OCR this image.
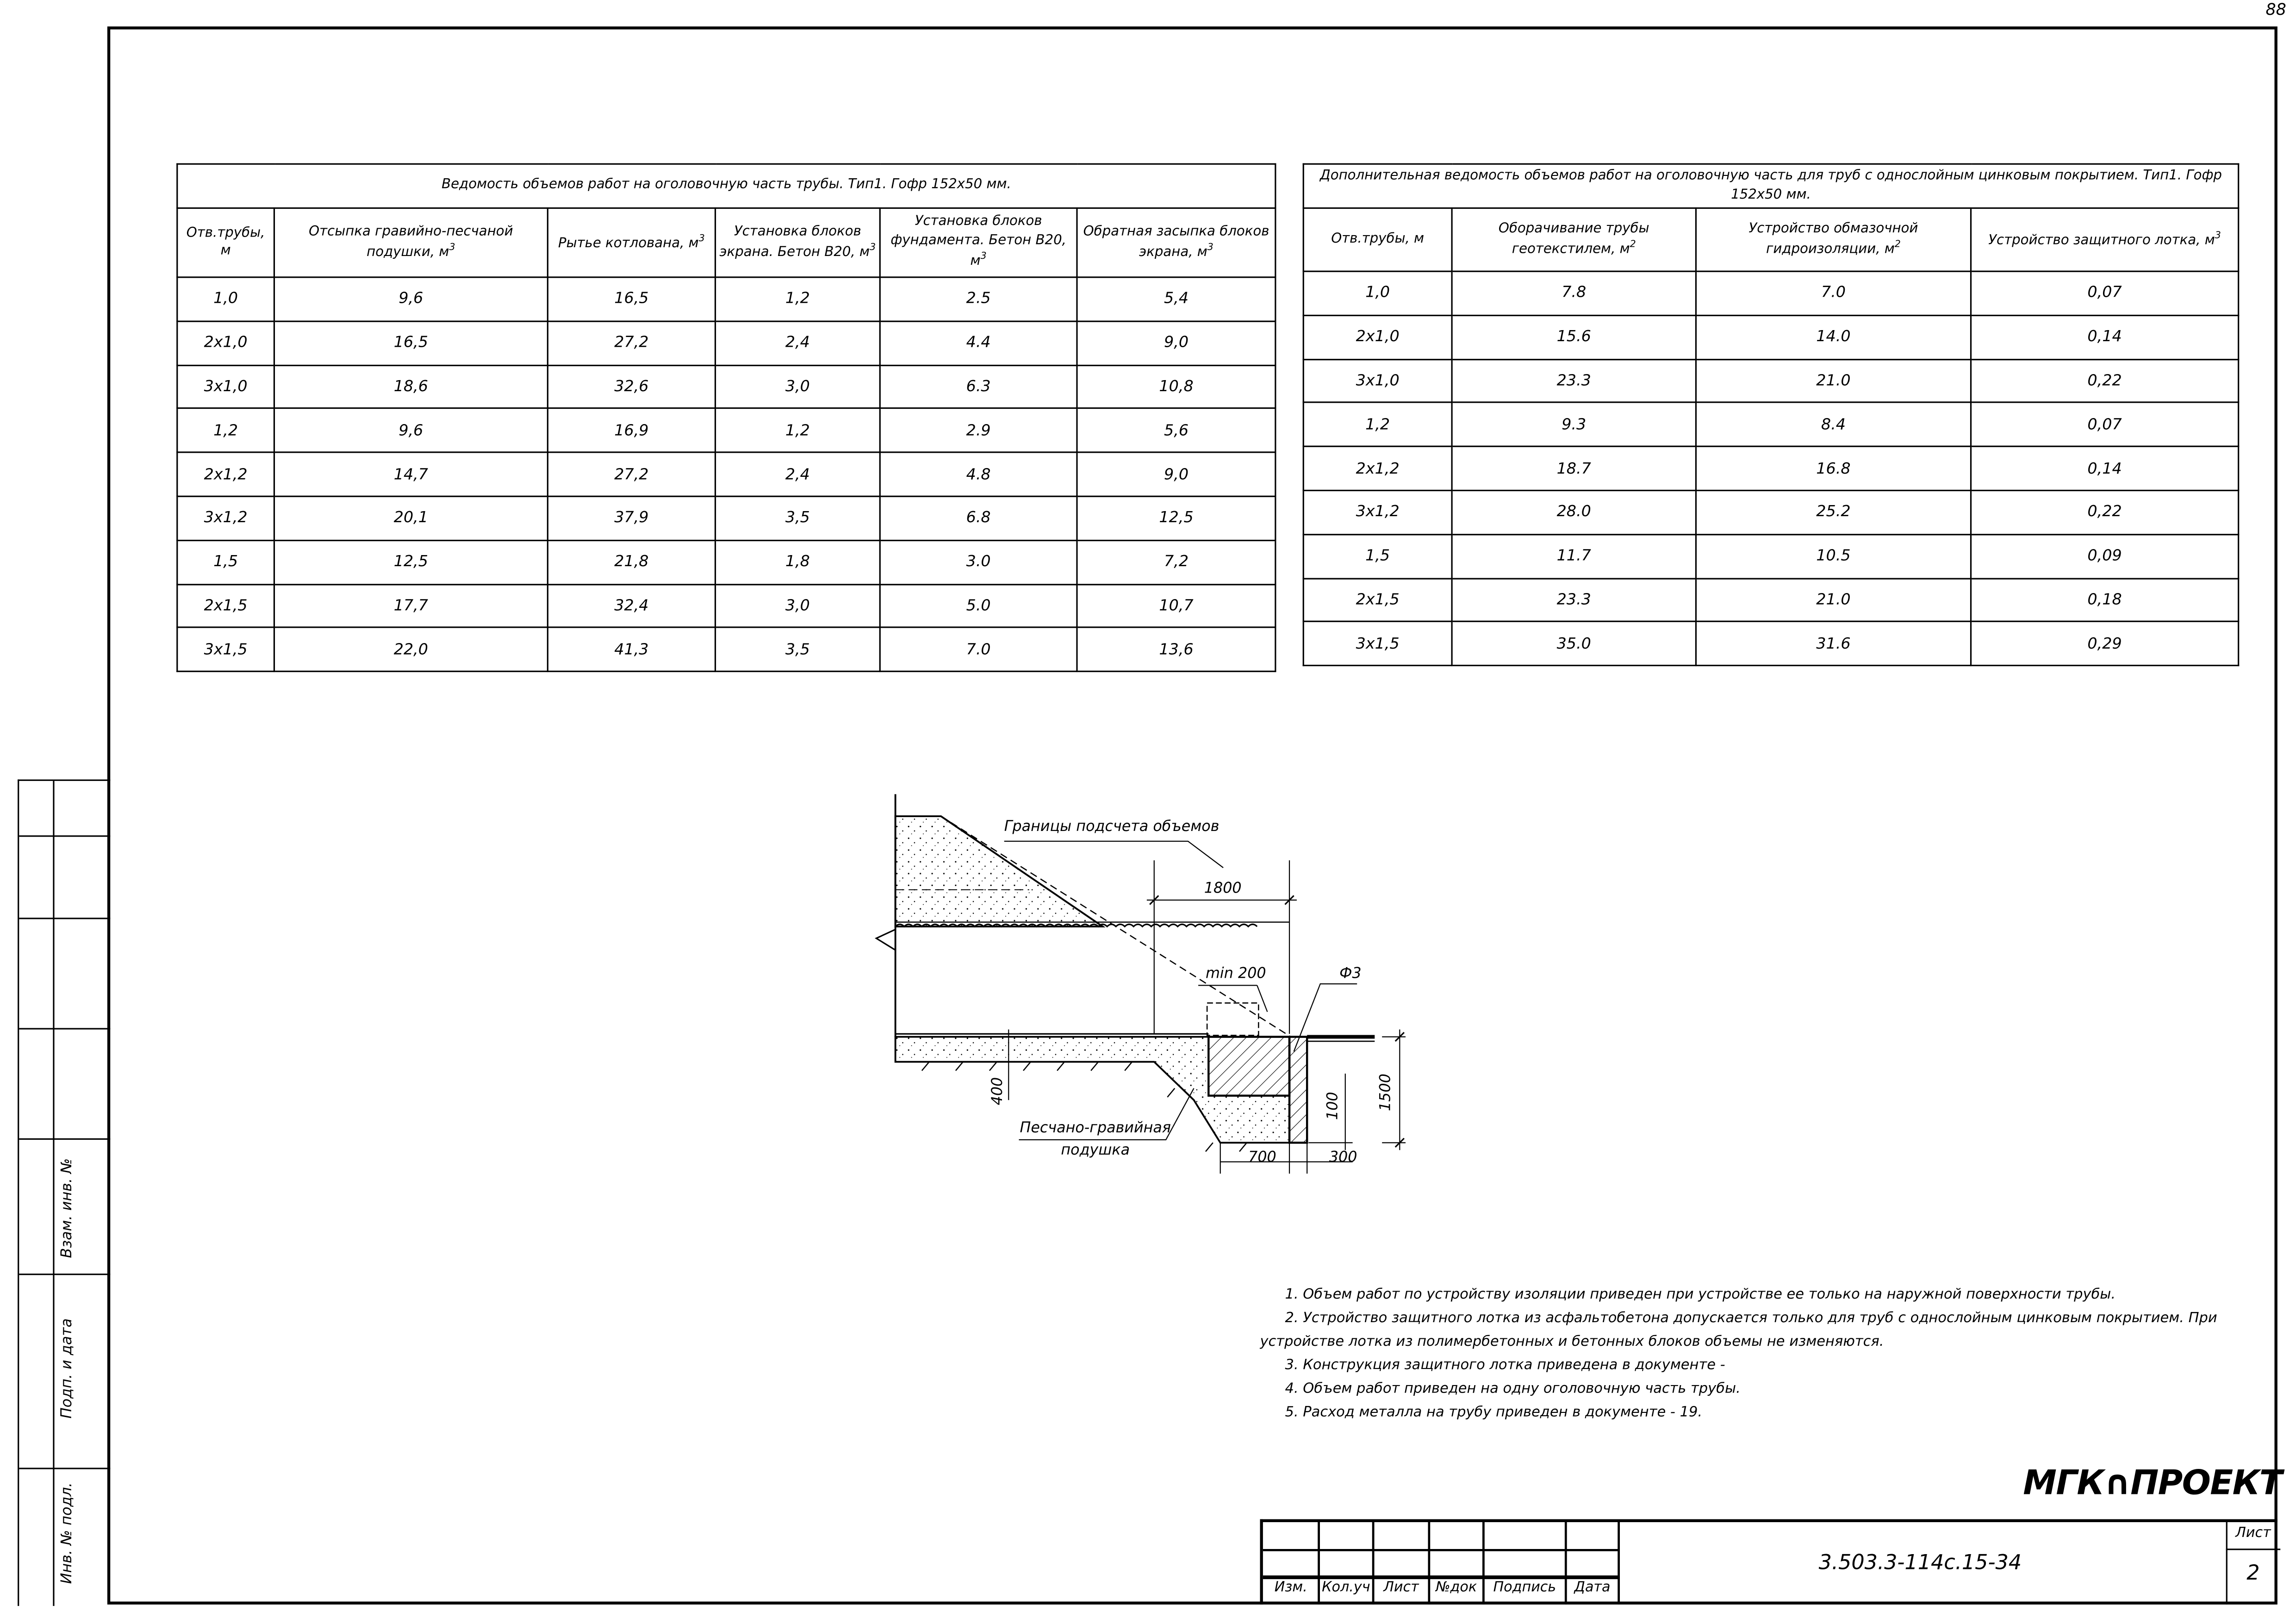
88
Взам. инв. №
Подп. и дата
Инв. № подл.
Ведомость объемов работ на оголовочную часть трубы. Тип1. Гофр 152х50 мм.					
Отв.трубы, м	Отсыпка гравийно-песчаной подушки, $м^3$	Рытье котлована, $м^3$	Установка блоков экрана. Бетон В20, $м^3$	Установка блоков фундамента. Бетон В20, $м^3$	Обратная засыпка блоков экрана, $м^3$
1,0	9,6	16,5	1,2	2.5	5,4
2х1,0	16,5	27,2	2,4	4.4	9,0
3х1,0	18,6	32,6	3,0	6.3	10,8
1,2	9,6	16,9	1,2	2.9	5,6
2х1,2	14,7	27,2	2,4	4.8	9,0
3х1,2	20,1	37,9	3,5	6.8	12,5
1,5	12,5	21,8	1,8	3.0	7,2
2х1,5	17,7	32,4	3,0	5.0	10,7
3х1,5	22,0	41,3	3,5	7.0	13,6
Дополнительная ведомость объемов работ на оголовочную часть для труб с однослойным цинковым покрытием. Тип1. Гофр 152х50 мм.			
Отв.трубы, м	Оборачивание трубы геотекстилем, $м^2$	Устройство обмазочной гидроизоляции, $м^2$	Устройство защитного лотка, $м^3$
1,0	7.8	7.0	0,07
2х1,0	15.6	14.0	0,14
3х1,0	23.3	21.0	0,22
1,2	9.3	8.4	0,07
2х1,2	18.7	16.8	0,14
3х1,2	28.0	25.2	0,22
1,5	11.7	10.5	0,09
2х1,5	23.3	21.0	0,18
3х1,5	35.0	31.6	0,29
Границы подсчета объемов
1800
min 200	Ф3
400
100	1500
700	300
Песчано-гравийная
подушка

1. Объем работ по устройству изоляции приведен при устройстве ее только на наружной поверхности трубы.

2. Устройство защитного лотка из асфальтобетона допускается только для труб с однослойным цинковым покрытием. При устройстве лотка из полимербетонных и бетонных блоков объемы не изменяются.

3. Конструкция защитного лотка приведена в документе -

4. Объем работ приведен на одну оголовочную часть трубы.

5. Расход металла на трубу приведен в документе - 19.

МГК∩ПРОЕКТ
Изм.	Кол.уч	Лист	№док	Подпись	Дата
3.503.3-114с.15-34
Лист
2
